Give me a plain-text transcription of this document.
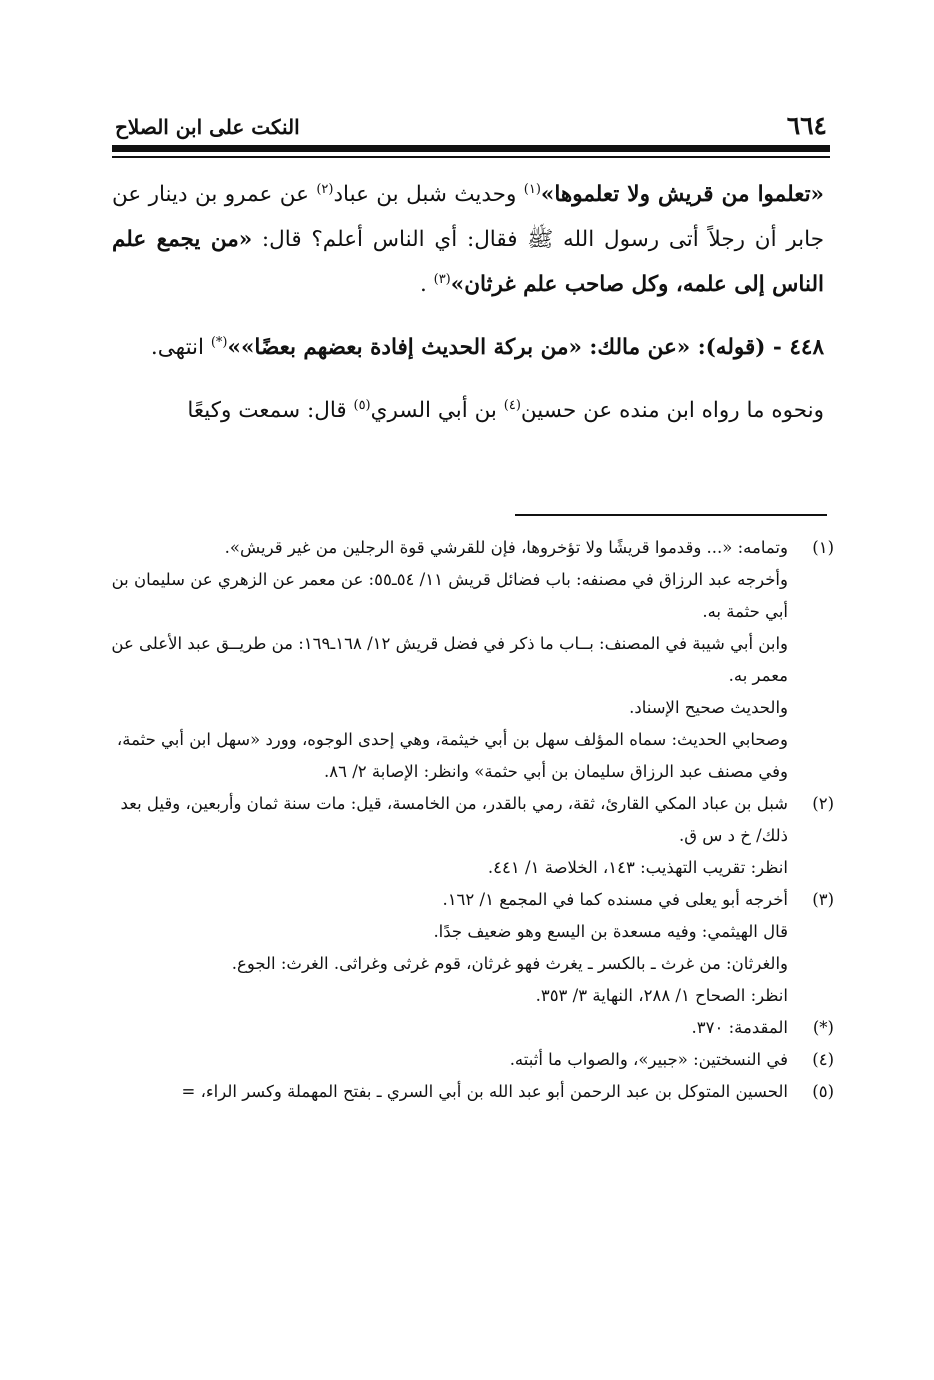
٦٦٤
النكت على ابن الصلاح

«تعلموا من قريش ولا تعلموها»$^{(١)}$ وحديث شبل بن عباد$^{(٢)}$ عن عمرو بن دينار عن جابر أن رجلاً أتى رسول الله ﷺ فقال: أي الناس أعلم؟ قال: «من يجمع علم الناس إلى علمه، وكل صاحب علم غرثان»$^{(٣)}$ .

٤٤٨ - (قوله): «عن مالك: «من بركة الحديث إفادة بعضهم بعضًا»»(*) انتهى.

ونحوه ما رواه ابن منده عن حسين$^{(٤)}$ بن أبي السري$^{(٥)}$ قال: سمعت وكيعًا

(١)
وتمامه: «... وقدموا قريشًا ولا تؤخروها، فإن للقرشي قوة الرجلين من غير قريش».
وأخرجه عبد الرزاق في مصنفه: باب فضائل قريش ١١/ ٥٤ـ٥٥: عن معمر عن الزهري عن سليمان بن أبي حثمة به.
وابن أبي شيبة في المصنف: بــاب ما ذكر في فضل قريش ١٢/ ١٦٨ـ١٦٩: من طريــق عبد الأعلى عن معمر به.
والحديث صحيح الإسناد.
وصحابي الحديث: سماه المؤلف سهل بن أبي خيثمة، وهي إحدى الوجوه، وورد «سهل ابن أبي حثمة، وفي مصنف عبد الرزاق سليمان بن أبي حثمة» وانظر: الإصابة ٢/ ٨٦.
(٢)
شبل بن عباد المكي القارئ، ثقة، رمي بالقدر، من الخامسة، قيل: مات سنة ثمان وأربعين، وقيل بعد ذلك/ خ د س ق.
انظر: تقريب التهذيب: ١٤٣، الخلاصة ١/ ٤٤١.
(٣)
أخرجه أبو يعلى في مسنده كما في المجمع ١/ ١٦٢.
قال الهيثمي: وفيه مسعدة بن اليسع وهو ضعيف جدًا.
والغرثان: من غرث ـ بالكسر ـ يغرث فهو غرثان، قوم غرثى وغراثى. الغرث: الجوع.
انظر: الصحاح ١/ ٢٨٨، النهاية ٣/ ٣٥٣.
(*)
المقدمة: ٣٧٠.
(٤)
في النسختين: «جبير»، والصواب ما أثبته.
(٥)
الحسين المتوكل بن عبد الرحمن أبو عبد الله بن أبي السري ـ بفتح المهملة وكسر الراء، =
